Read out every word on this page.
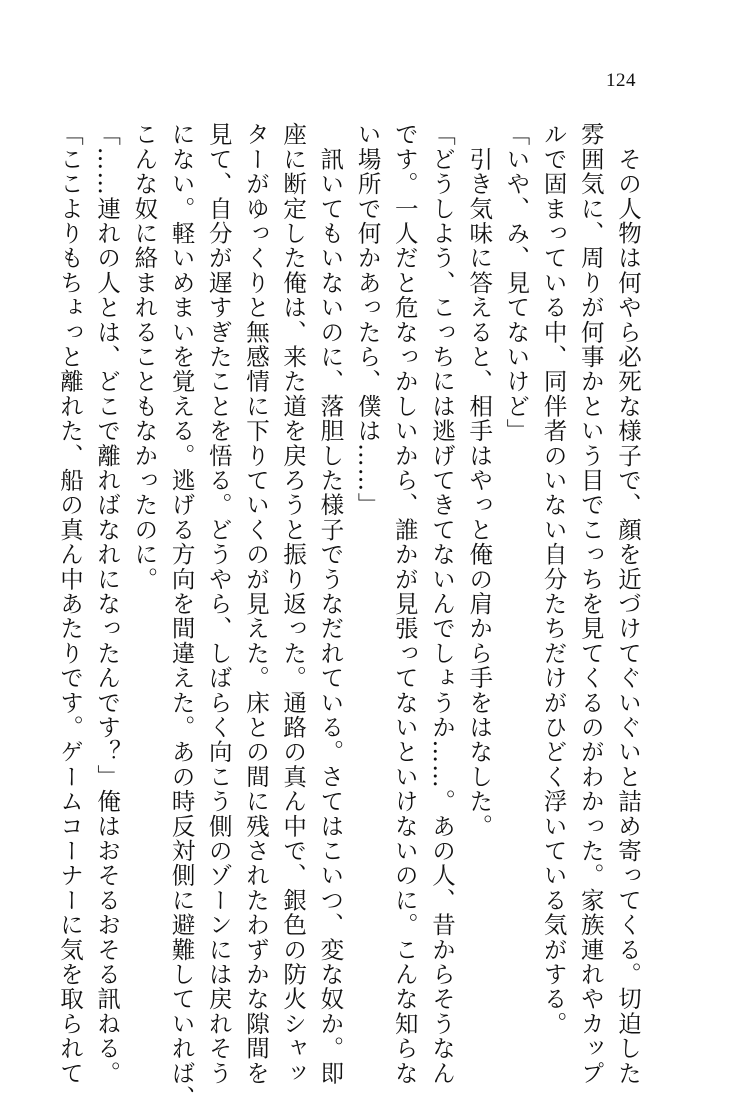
124
　その人物は何やら必死な様子で、顔を近づけてぐいぐいと詰め寄ってくる。切迫した
雰囲気に、周りが何事かという目でこっちを見てくるのがわかった。家族連れやカップ
ルで固まっている中、同伴者のいない自分たちだけがひどく浮いている気がする。
「いや、み、見てないけど」
　引き気味に答えると、相手はやっと俺の肩から手をはなした。
「どうしよう、こっちには逃げてきてないんでしょうか……。あの人、昔からそうなん
です。一人だと危なっかしいから、誰かが見張ってないといけないのに。こんな知らな
い場所で何かあったら、僕は……」
　訊いてもいないのに、落胆した様子でうなだれている。さてはこいつ、変な奴か。即
座に断定した俺は、来た道を戻ろうと振り返った。通路の真ん中で、銀色の防火シャッ
ターがゆっくりと無感情に下りていくのが見えた。床との間に残されたわずかな隙間を
見て、自分が遅すぎたことを悟る。どうやら、しばらく向こう側のゾーンには戻れそう
にない。軽いめまいを覚える。逃げる方向を間違えた。あの時反対側に避難していれば、
こんな奴に絡まれることもなかったのに。
「……連れの人とは、どこで離ればなれになったんです？」俺はおそるおそる訊ねる。
「ここよりもちょっと離れた、船の真ん中あたりです。ゲームコーナーに気を取られて
